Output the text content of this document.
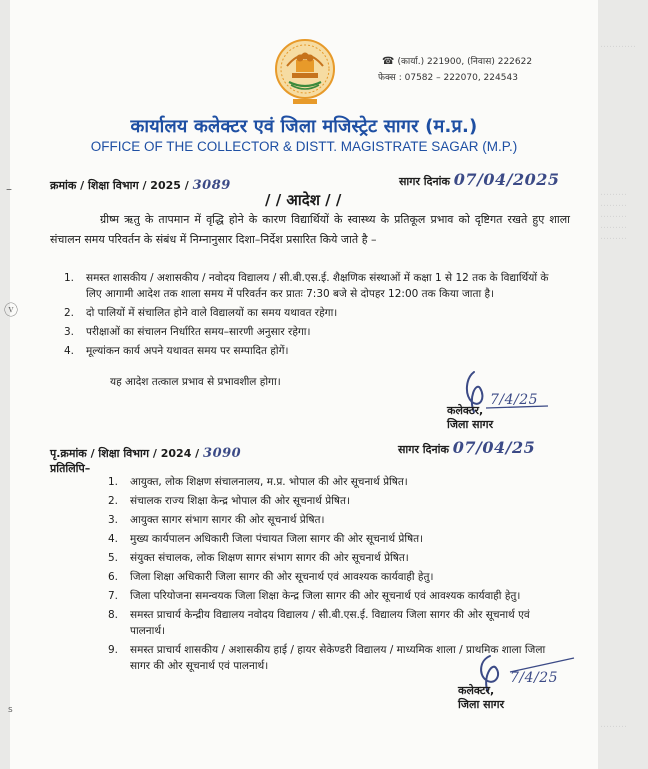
…………
………
………
………
………
………
………
–
ⓥ
s
☎ (कार्या.) 221900, (निवास) 222622
फेक्स : 07582 – 222070, 224543
कार्यालय कलेक्टर एवं जिला मजिस्ट्रेट सागर (म.प्र.)
OFFICE OF THE COLLECTOR & DISTT. MAGISTRATE SAGAR (M.P.)
क्रमांक / शिक्षा विभाग / 2025 / 3089	सागर दिनांक 07/04/2025
/ / आदेश / /
ग्रीष्म ऋतु के तापमान में वृद्धि होने के कारण विद्यार्थियों के स्वास्थ्य के प्रतिकूल प्रभाव को दृष्टिगत रखते हुए शाला संचालन समय परिवर्तन के संबंध में निम्नानुसार दिशा–निर्देश प्रसारित किये जाते है –
1. समस्त शासकीय / अशासकीय / नवोदय विद्यालय / सी.बी.एस.ई. शैक्षणिक संस्थाओं में कक्षा 1 से 12 तक के विद्यार्थियों के लिए आगामी आदेश तक शाला समय में परिवर्तन कर प्रातः 7:30 बजे से दोपहर 12:00 तक किया जाता है।
2. दो पालियों में संचालित होने वाले विद्यालयों का समय यथावत रहेगा।
3. परीक्षाओं का संचालन निर्धारित समय–सारणी अनुसार रहेगा।
4. मूल्यांकन कार्य अपने यथावत समय पर सम्पादित होगें।
यह आदेश तत्काल प्रभाव से प्रभावशील होगा।
7/4/25
कलेक्टर,
जिला सागर
सागर दिनांक 07/04/25
पृ.क्रमांक / शिक्षा विभाग / 2024 / 3090
प्रतिलिपि–
1. आयुक्त, लोक शिक्षण संचालनालय, म.प्र. भोपाल की ओर सूचनार्थ प्रेषित।
2. संचालक राज्य शिक्षा केन्द्र भोपाल की ओर सूचनार्थ प्रेषित।
3. आयुक्त सागर संभाग सागर की ओर सूचनार्थ प्रेषित।
4. मुख्य कार्यपालन अधिकारी जिला पंचायत जिला सागर की ओर सूचनार्थ प्रेषित।
5. संयुक्त संचालक, लोक शिक्षण सागर संभाग सागर की ओर सूचनार्थ प्रेषित।
6. जिला शिक्षा अधिकारी जिला सागर की ओर सूचनार्थ एवं आवश्यक कार्यवाही हेतु।
7. जिला परियोजना समन्वयक जिला शिक्षा केन्द्र जिला सागर की ओर सूचनार्थ एवं आवश्यक कार्यवाही हेतु।
8. समस्त प्राचार्य केन्द्रीय विद्यालय नवोदय विद्यालय / सी.बी.एस.ई. विद्यालय जिला सागर की ओर सूचनार्थ एवं पालनार्थ।
9. समस्त प्राचार्य शासकीय / अशासकीय हाई / हायर सेकेण्डरी विद्यालय / माध्यमिक शाला / प्राथमिक शाला जिला सागर की ओर सूचनार्थ एवं पालनार्थ।
7/4/25
कलेक्टर,
जिला सागर
